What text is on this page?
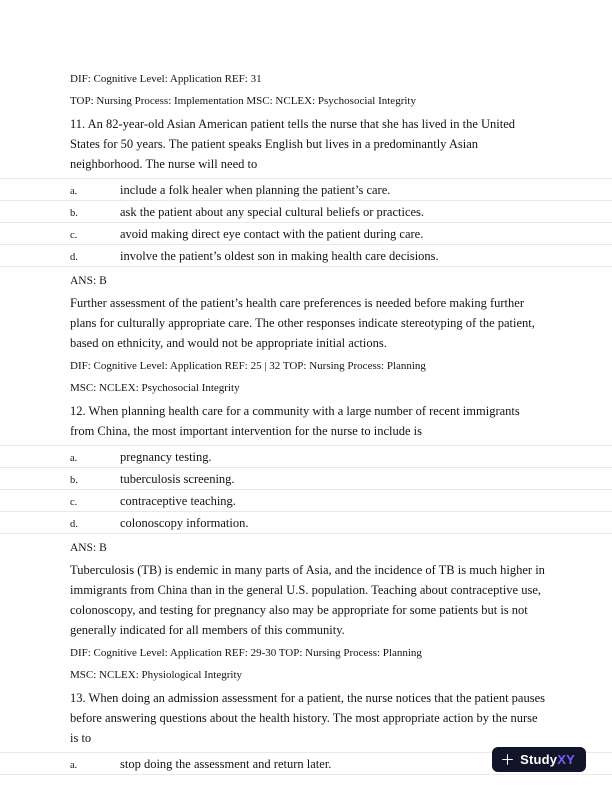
DIF: Cognitive Level: Application REF: 31

TOP: Nursing Process: Implementation MSC: NCLEX: Psychosocial Integrity

11. An 82-year-old Asian American patient tells the nurse that she has lived in the United States for 50 years. The patient speaks English but lives in a predominantly Asian neighborhood. The nurse will need to

a.	include a folk healer when planning the patient’s care.
b.	ask the patient about any special cultural beliefs or practices.
c.	avoid making direct eye contact with the patient during care.
d.	involve the patient’s oldest son in making health care decisions.

ANS: B

Further assessment of the patient’s health care preferences is needed before making further plans for culturally appropriate care. The other responses indicate stereotyping of the patient, based on ethnicity, and would not be appropriate initial actions.

DIF: Cognitive Level: Application REF: 25 | 32 TOP: Nursing Process: Planning

MSC: NCLEX: Psychosocial Integrity

12. When planning health care for a community with a large number of recent immigrants from China, the most important intervention for the nurse to include is

a.	pregnancy testing.
b.	tuberculosis screening.
c.	contraceptive teaching.
d.	colonoscopy information.

ANS: B

Tuberculosis (TB) is endemic in many parts of Asia, and the incidence of TB is much higher in immigrants from China than in the general U.S. population. Teaching about contraceptive use, colonoscopy, and testing for pregnancy also may be appropriate for some patients but is not generally indicated for all members of this community.

DIF: Cognitive Level: Application REF: 29-30 TOP: Nursing Process: Planning

MSC: NCLEX: Physiological Integrity

13. When doing an admission assessment for a patient, the nurse notices that the patient pauses before answering questions about the health history. The most appropriate action by the nurse is to

a.	stop doing the assessment and return later.	StudyXY
